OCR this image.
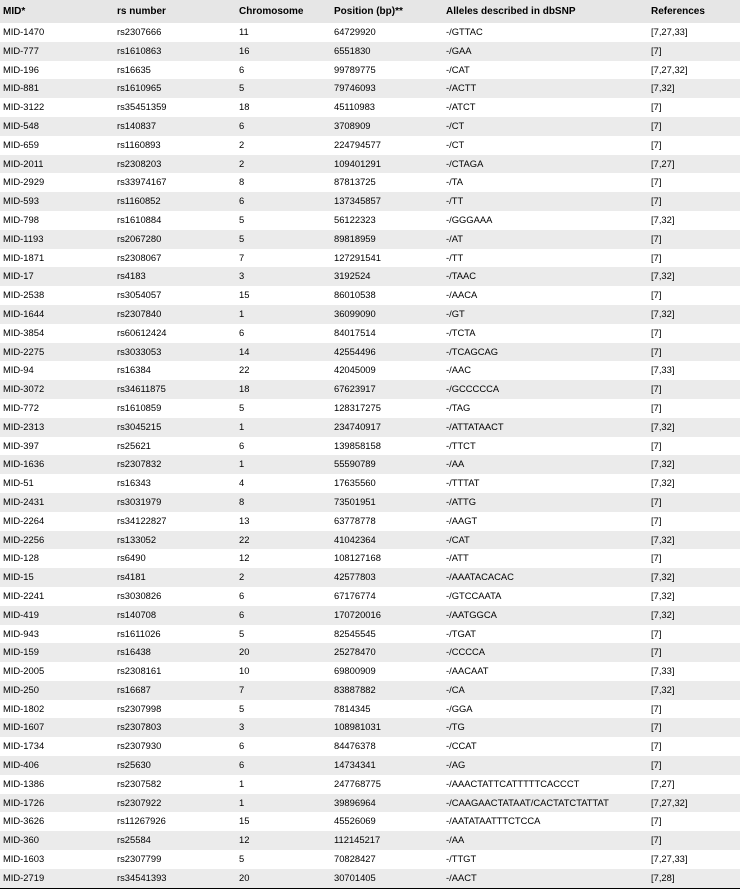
MID*	rs number	Chromosome	Position (bp)**	Alleles described in dbSNP	References
MID-1470	rs2307666	11	64729920	-/GTTAC	[7,27,33]
MID-777	rs1610863	16	6551830	-/GAA	[7]
MID-196	rs16635	6	99789775	-/CAT	[7,27,32]
MID-881	rs1610965	5	79746093	-/ACTT	[7,32]
MID-3122	rs35451359	18	45110983	-/ATCT	[7]
MID-548	rs140837	6	3708909	-/CT	[7]
MID-659	rs1160893	2	224794577	-/CT	[7]
MID-2011	rs2308203	2	109401291	-/CTAGA	[7,27]
MID-2929	rs33974167	8	87813725	-/TA	[7]
MID-593	rs1160852	6	137345857	-/TT	[7]
MID-798	rs1610884	5	56122323	-/GGGAAA	[7,32]
MID-1193	rs2067280	5	89818959	-/AT	[7]
MID-1871	rs2308067	7	127291541	-/TT	[7]
MID-17	rs4183	3	3192524	-/TAAC	[7,32]
MID-2538	rs3054057	15	86010538	-/AACA	[7]
MID-1644	rs2307840	1	36099090	-/GT	[7,32]
MID-3854	rs60612424	6	84017514	-/TCTA	[7]
MID-2275	rs3033053	14	42554496	-/TCAGCAG	[7]
MID-94	rs16384	22	42045009	-/AAC	[7,33]
MID-3072	rs34611875	18	67623917	-/GCCCCCA	[7]
MID-772	rs1610859	5	128317275	-/TAG	[7]
MID-2313	rs3045215	1	234740917	-/ATTATAACT	[7,32]
MID-397	rs25621	6	139858158	-/TTCT	[7]
MID-1636	rs2307832	1	55590789	-/AA	[7,32]
MID-51	rs16343	4	17635560	-/TTTAT	[7,32]
MID-2431	rs3031979	8	73501951	-/ATTG	[7]
MID-2264	rs34122827	13	63778778	-/AAGT	[7]
MID-2256	rs133052	22	41042364	-/CAT	[7,32]
MID-128	rs6490	12	108127168	-/ATT	[7]
MID-15	rs4181	2	42577803	-/AAATACACAC	[7,32]
MID-2241	rs3030826	6	67176774	-/GTCCAATA	[7,32]
MID-419	rs140708	6	170720016	-/AATGGCA	[7,32]
MID-943	rs1611026	5	82545545	-/TGAT	[7]
MID-159	rs16438	20	25278470	-/CCCCA	[7]
MID-2005	rs2308161	10	69800909	-/AACAAT	[7,33]
MID-250	rs16687	7	83887882	-/CA	[7,32]
MID-1802	rs2307998	5	7814345	-/GGA	[7]
MID-1607	rs2307803	3	108981031	-/TG	[7]
MID-1734	rs2307930	6	84476378	-/CCAT	[7]
MID-406	rs25630	6	14734341	-/AG	[7]
MID-1386	rs2307582	1	247768775	-/AAACTATTCATTTTTCACCCT	[7,27]
MID-1726	rs2307922	1	39896964	-/CAAGAACTATAAT/CACTATCTATTAT	[7,27,32]
MID-3626	rs11267926	15	45526069	-/AATATAATTTCTCCA	[7]
MID-360	rs25584	12	112145217	-/AA	[7]
MID-1603	rs2307799	5	70828427	-/TTGT	[7,27,33]
MID-2719	rs34541393	20	30701405	-/AACT	[7,28]
